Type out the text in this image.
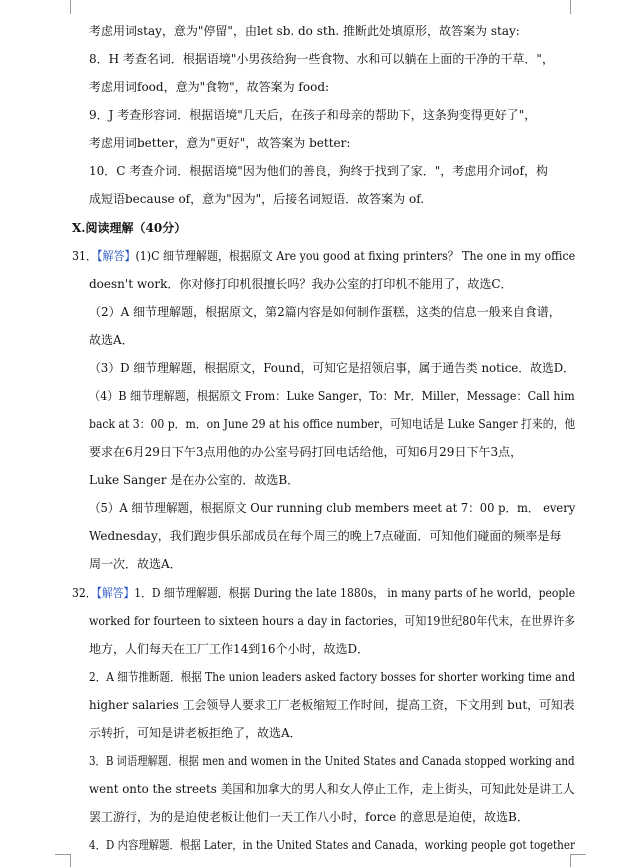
考虑用词stay，意为"停留"，由let sb. do sth. 推断此处填原形，故答案为 stay:
8．H 考查名词．根据语境"小男孩给狗一些食物、水和可以躺在上面的干净的干草．"，
考虑用词food，意为"食物"，故答案为 food:
9．J 考查形容词．根据语境"几天后，在孩子和母亲的帮助下，这条狗变得更好了"，
考虑用词better，意为"更好"，故答案为 better:
10．C 考查介词．根据语境"因为他们的善良，狗终于找到了家．"，考虑用介词of，构
成短语because of，意为"因为"，后接名词短语．故答案为 of.
X.阅读理解（40分）
31．【解答】(1)C 细节理解题，根据原文 Are you good at fixing printers？ The one in my office
doesn't work．你对修打印机很擅长吗？我办公室的打印机不能用了，故选C．
（2）A 细节理解题，根据原文，第2篇内容是如何制作蛋糕，这类的信息一般来自食谱，
故选A．
（3）D 细节理解题，根据原文，Found，可知它是招领启事，属于通告类 notice．故选D．
（4）B 细节理解题，根据原文 From：Luke Sanger，To：Mr．Miller，Message：Call him
back at 3：00 p．m．on June 29 at his office number，可知电话是 Luke Sanger 打来的，他
要求在6月29日下午3点用他的办公室号码打回电话给他，可知6月29日下午3点，
Luke Sanger 是在办公室的．故选B．
（5）A 细节理解题，根据原文 Our running club members meet at 7：00 p．m． every
Wednesday，我们跑步俱乐部成员在每个周三的晚上7点碰面．可知他们碰面的频率是每
周一次．故选A．
32．【解答】1．D 细节理解题．根据 During the late 1880s， in many parts of he world，people
worked for fourteen to sixteen hours a day in factories，可知19世纪80年代末，在世界许多
地方，人们每天在工厂工作14到16个小时，故选D．
2．A 细节推断题．根据 The union leaders asked factory bosses for shorter working time and
higher salaries 工会领导人要求工厂老板缩短工作时间，提高工资，下文用到 but，可知表
示转折，可知是讲老板拒绝了，故选A．
3．B 词语理解题．根据 men and women in the United States and Canada stopped working and
went onto the streets 美国和加拿大的男人和女人停止工作，走上街头，可知此处是讲工人
罢工游行，为的是迫使老板让他们一天工作八小时，force 的意思是迫使，故选B．
4．D 内容理解题．根据 Later，in the United States and Canada，working people got together
